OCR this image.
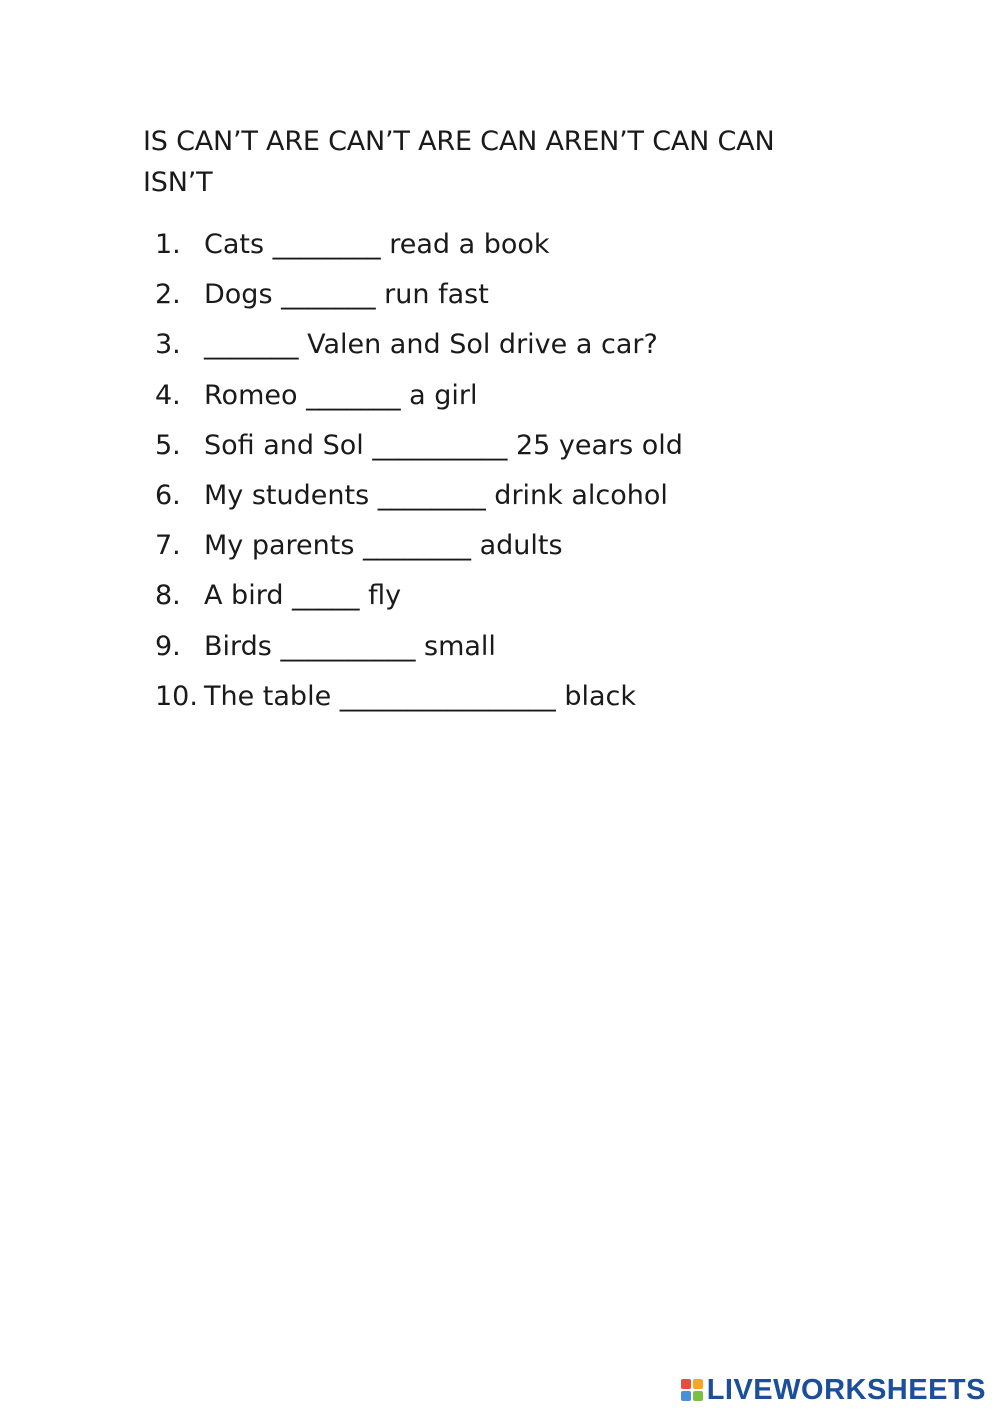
IS CAN’T ARE CAN’T ARE CAN AREN’T CAN CAN ISN’T
1. Cats ________ read a book
2. Dogs _______ run fast
3. _______ Valen and Sol drive a car?
4. Romeo _______ a girl
5. Sofi and Sol __________ 25 years old
6. My students ________ drink alcohol
7. My parents ________ adults
8. A bird _____ fly
9. Birds __________ small
10. The table ________________ black
LIVEWORKSHEETS
